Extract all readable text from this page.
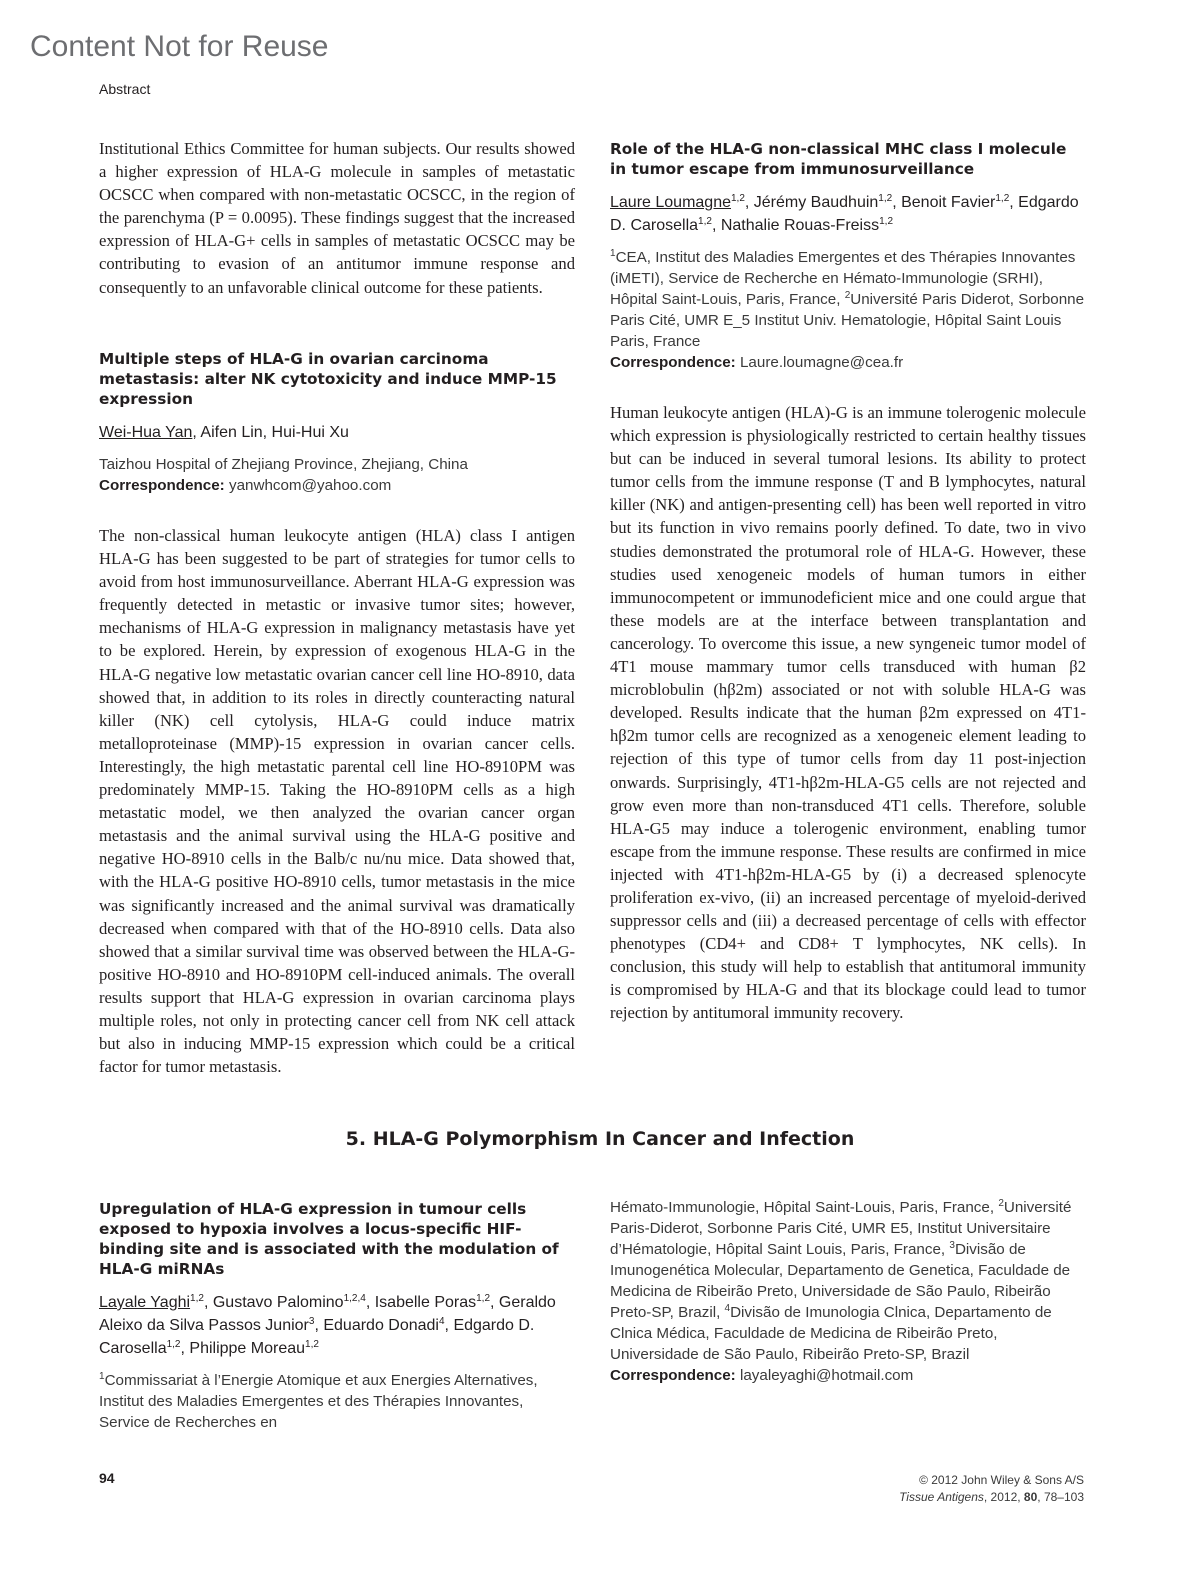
Content Not for Reuse
Abstract

Institutional Ethics Committee for human subjects. Our results showed a higher expression of HLA-G molecule in samples of metastatic OCSCC when compared with non-metastatic OCSCC, in the region of the parenchyma (P = 0.0095). These findings suggest that the increased expression of HLA-G+ cells in samples of metastatic OCSCC may be contributing to evasion of an antitumor immune response and consequently to an unfavorable clinical outcome for these patients.

Multiple steps of HLA-G in ovarian carcinoma metastasis: alter NK cytotoxicity and induce MMP-15 expression

Wei-Hua Yan, Aifen Lin, Hui-Hui Xu

Taizhou Hospital of Zhejiang Province, Zhejiang, China

Correspondence: yanwhcom@yahoo.com

The non-classical human leukocyte antigen (HLA) class I antigen HLA-G has been suggested to be part of strategies for tumor cells to avoid from host immunosurveillance. Aberrant HLA-G expression was frequently detected in metastic or invasive tumor sites; however, mechanisms of HLA-G expression in malignancy metastasis have yet to be explored. Herein, by expression of exogenous HLA-G in the HLA-G negative low metastatic ovarian cancer cell line HO-8910, data showed that, in addition to its roles in directly counteracting natural killer (NK) cell cytolysis, HLA-G could induce matrix metalloproteinase (MMP)-15 expression in ovarian cancer cells. Interestingly, the high metastatic parental cell line HO-8910PM was predominately MMP-15. Taking the HO-8910PM cells as a high metastatic model, we then analyzed the ovarian cancer organ metastasis and the animal survival using the HLA-G positive and negative HO-8910 cells in the Balb/c nu/nu mice. Data showed that, with the HLA-G positive HO-8910 cells, tumor metastasis in the mice was significantly increased and the animal survival was dramatically decreased when compared with that of the HO-8910 cells. Data also showed that a similar survival time was observed between the HLA-G-positive HO-8910 and HO-8910PM cell-induced animals. The overall results support that HLA-G expression in ovarian carcinoma plays multiple roles, not only in protecting cancer cell from NK cell attack but also in inducing MMP-15 expression which could be a critical factor for tumor metastasis.

Role of the HLA-G non-classical MHC class I molecule in tumor escape from immunosurveillance

Laure Loumagne$^{1,2}$, Jérémy Baudhuin$^{1,2}$, Benoit Favier$^{1,2}$, Edgardo D. Carosella$^{1,2}$, Nathalie Rouas-Freiss$^{1,2}$

$^1$CEA, Institut des Maladies Emergentes et des Thérapies Innovantes (iMETI), Service de Recherche en Hémato-Immunologie (SRHI), Hôpital Saint-Louis, Paris, France, $^2$Université Paris Diderot, Sorbonne Paris Cité, UMR E_5 Institut Univ. Hematologie, Hôpital Saint Louis Paris, France

Correspondence: Laure.loumagne@cea.fr

Human leukocyte antigen (HLA)-G is an immune tolerogenic molecule which expression is physiologically restricted to certain healthy tissues but can be induced in several tumoral lesions. Its ability to protect tumor cells from the immune response (T and B lymphocytes, natural killer (NK) and antigen-presenting cell) has been well reported in vitro but its function in vivo remains poorly defined. To date, two in vivo studies demonstrated the protumoral role of HLA-G. However, these studies used xenogeneic models of human tumors in either immunocompetent or immunodeficient mice and one could argue that these models are at the interface between transplantation and cancerology. To overcome this issue, a new syngeneic tumor model of 4T1 mouse mammary tumor cells transduced with human β2 microblobulin (hβ2m) associated or not with soluble HLA-G was developed. Results indicate that the human β2m expressed on 4T1-hβ2m tumor cells are recognized as a xenogeneic element leading to rejection of this type of tumor cells from day 11 post-injection onwards. Surprisingly, 4T1-hβ2m-HLA-G5 cells are not rejected and grow even more than non-transduced 4T1 cells. Therefore, soluble HLA-G5 may induce a tolerogenic environment, enabling tumor escape from the immune response. These results are confirmed in mice injected with 4T1-hβ2m-HLA-G5 by (i) a decreased splenocyte proliferation ex-vivo, (ii) an increased percentage of myeloid-derived suppressor cells and (iii) a decreased percentage of cells with effector phenotypes (CD4+ and CD8+ T lymphocytes, NK cells). In conclusion, this study will help to establish that antitumoral immunity is compromised by HLA-G and that its blockage could lead to tumor rejection by antitumoral immunity recovery.

5. HLA-G Polymorphism In Cancer and Infection

Upregulation of HLA-G expression in tumour cells exposed to hypoxia involves a locus-specific HIF-binding site and is associated with the modulation of HLA-G miRNAs

Layale Yaghi$^{1,2}$, Gustavo Palomino$^{1,2,4}$, Isabelle Poras$^{1,2}$, Geraldo Aleixo da Silva Passos Junior$^3$, Eduardo Donadi$^4$, Edgardo D. Carosella$^{1,2}$, Philippe Moreau$^{1,2}$

$^1$Commissariat à l’Energie Atomique et aux Energies Alternatives, Institut des Maladies Emergentes et des Thérapies Innovantes, Service de Recherches en

Hémato-Immunologie, Hôpital Saint-Louis, Paris, France, $^2$Université Paris-Diderot, Sorbonne Paris Cité, UMR E5, Institut Universitaire d’Hématologie, Hôpital Saint Louis, Paris, France, $^3$Divisão de Imunogenética Molecular, Departamento de Genetica, Faculdade de Medicina de Ribeirão Preto, Universidade de São Paulo, Ribeirão Preto-SP, Brazil, $^4$Divisão de Imunologia Clnica, Departamento de Clnica Médica, Faculdade de Medicina de Ribeirão Preto, Universidade de São Paulo, Ribeirão Preto-SP, Brazil

Correspondence: layaleyaghi@hotmail.com

94	© 2012 John Wiley & Sons A/S
Tissue Antigens, 2012, 80, 78–103
